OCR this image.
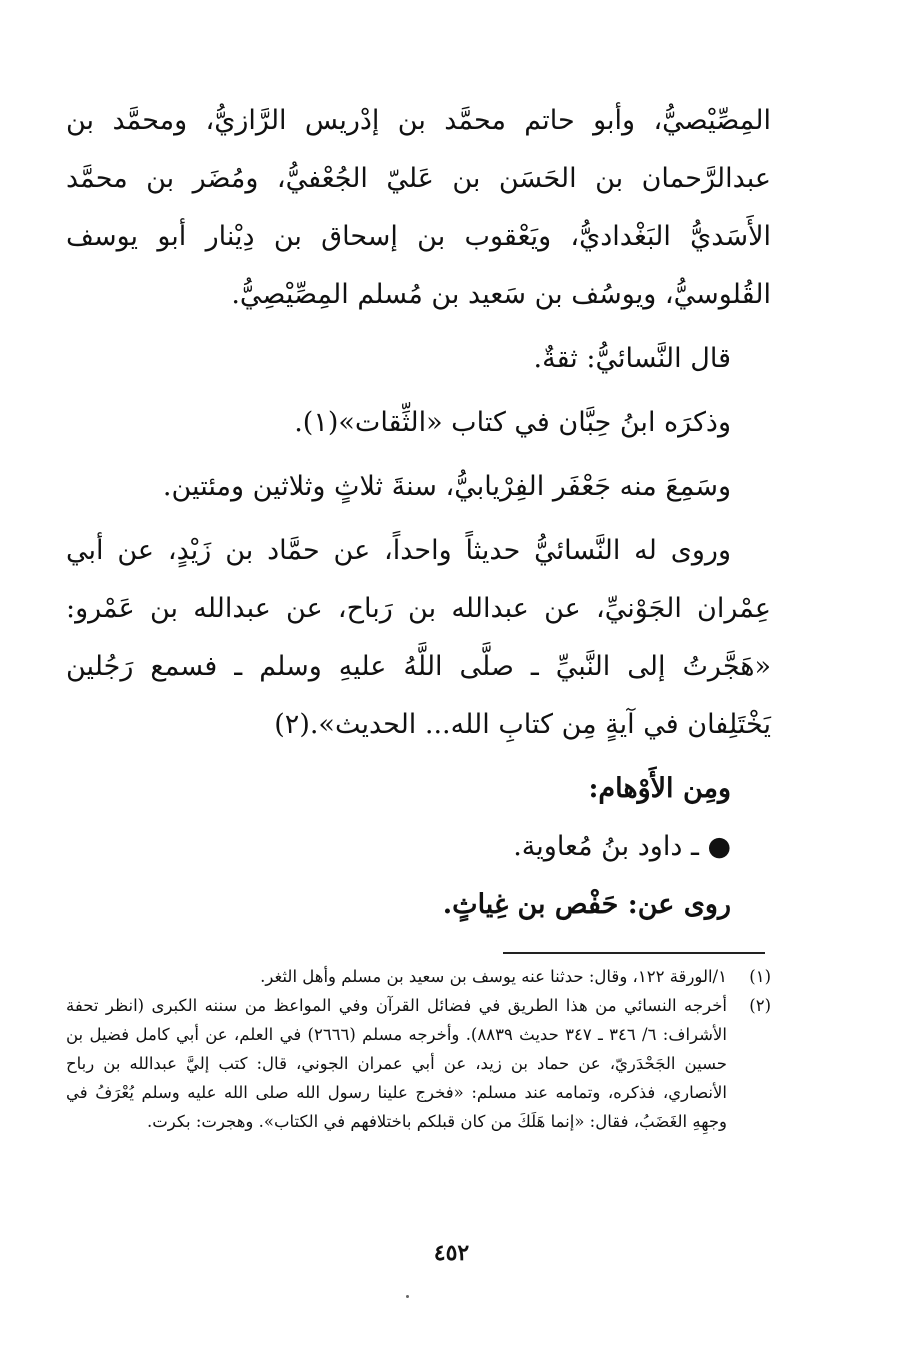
المِصِّيْصيُّ، وأبو حاتم محمَّد بن إدْريس الرَّازيُّ، ومحمَّد بن عبدالرَّحمان بن الحَسَن بن عَليّ الجُعْفيُّ، ومُضَر بن محمَّد الأَسَديُّ البَغْداديُّ، ويَعْقوب بن إسحاق بن دِيْنار أبو يوسف القُلوسيُّ، ويوسُف بن سَعيد بن مُسلم المِصِّيْصِيُّ.

قال النَّسائيُّ: ثقةٌ.

وذكرَه ابنُ حِبَّان في كتاب «الثِّقات»(١).

وسَمِعَ منه جَعْفَر الفِرْيابيُّ، سنةَ ثلاثٍ وثلاثين ومئتين.

وروى له النَّسائيُّ حديثاً واحداً، عن حمَّاد بن زَيْدٍ، عن أبي عِمْران الجَوْنيِّ، عن عبدالله بن رَباح، عن عبدالله بن عَمْرو: «هَجَّرتُ إلى النَّبيِّ ـ صلَّى اللَّهُ عليهِ وسلم ـ فسمع رَجُلين يَخْتَلِفان في آيةٍ مِن كتابِ الله... الحديث».(٢)

ومِن الأَوْهام:

● ـ داود بنُ مُعاوية.

روى عن: حَفْص بن غِياثٍ.

(١)
١/الورقة ١٢٢، وقال: حدثنا عنه يوسف بن سعيد بن مسلم وأهل الثغر.
(٢)
أخرجه النسائي من هذا الطريق في فضائل القرآن وفي المواعظ من سننه الكبرى (انظر تحفة الأشراف: ٦/ ٣٤٦ ـ ٣٤٧ حديث ٨٨٣٩). وأخرجه مسلم (٢٦٦٦) في العلم، عن أبي كامل فضيل بن حسين الجَحْدَريّ، عن حماد بن زيد، عن أبي عمران الجوني، قال: كتب إليَّ عبدالله بن رباح الأنصاري، فذكره، وتمامه عند مسلم: «فخرج علينا رسول الله صلى الله عليه وسلم يُعْرَفُ في وجهِهِ الغَضَبُ، فقال: «إنما هَلَكَ من كان قبلكم باختلافهم في الكتاب». وهجرت: بكرت.
٤٥٢
